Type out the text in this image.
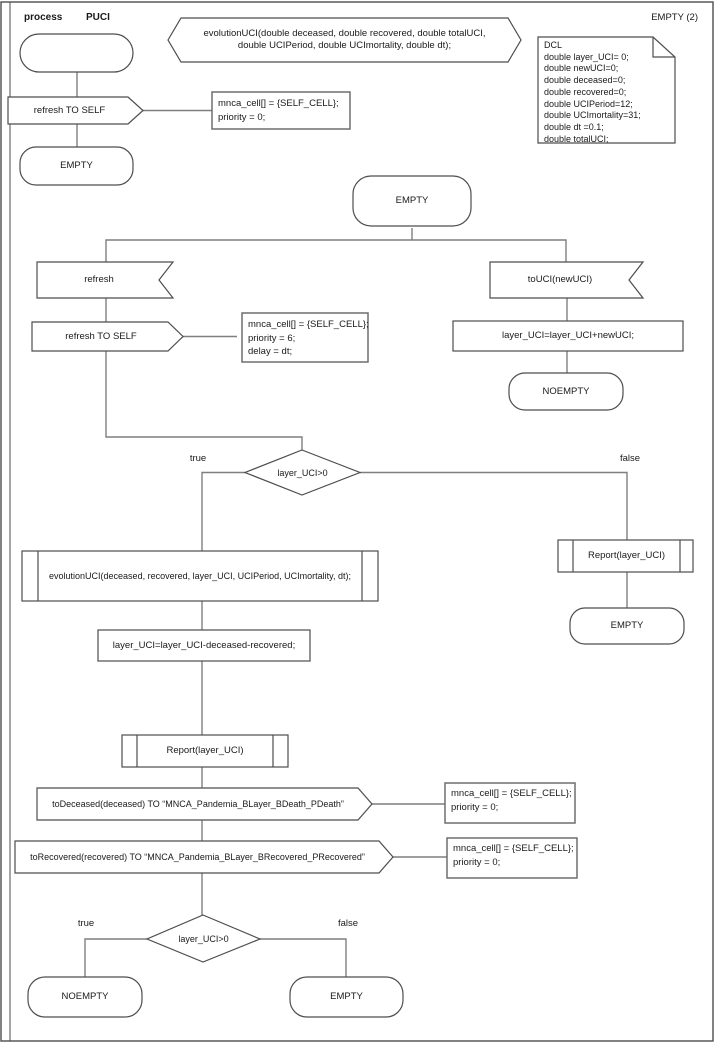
process PUCI	EMPTY (2)
evolutionUCI(double deceased, double recovered, double totalUCI,
double UCIPeriod, double UCImortality, double dt);	DCL
double layer_UCI= 0;
double newUCI=0;
double deceased=0;
double recovered=0;
double UCIPeriod=12;
double UCImortality=31;
double dt =0.1;
double totalUCI;
refresh TO SELF
mnca_cell[] = {SELF_CELL};
priority = 0;
EMPTY
EMPTY
refresh
refresh TO SELF
mnca_cell[] = {SELF_CELL};
priority = 6;
delay = dt;
toUCI(newUCI)
layer_UCI=layer_UCI+newUCI;
NOEMPTY
layer_UCI>0
true	false
evolutionUCI(deceased, recovered, layer_UCI, UCIPeriod, UCImortality, dt);
layer_UCI=layer_UCI-deceased-recovered;
Report(layer_UCI)
toDeceased(deceased) TO “MNCA_Pandemia_BLayer_BDeath_PDeath”
mnca_cell[] = {SELF_CELL};
priority = 0;
toRecovered(recovered) TO “MNCA_Pandemia_BLayer_BRecovered_PRecovered”
mnca_cell[] = {SELF_CELL};
priority = 0;
Report(layer_UCI)
EMPTY
layer_UCI>0
true	false
NOEMPTY	EMPTY
